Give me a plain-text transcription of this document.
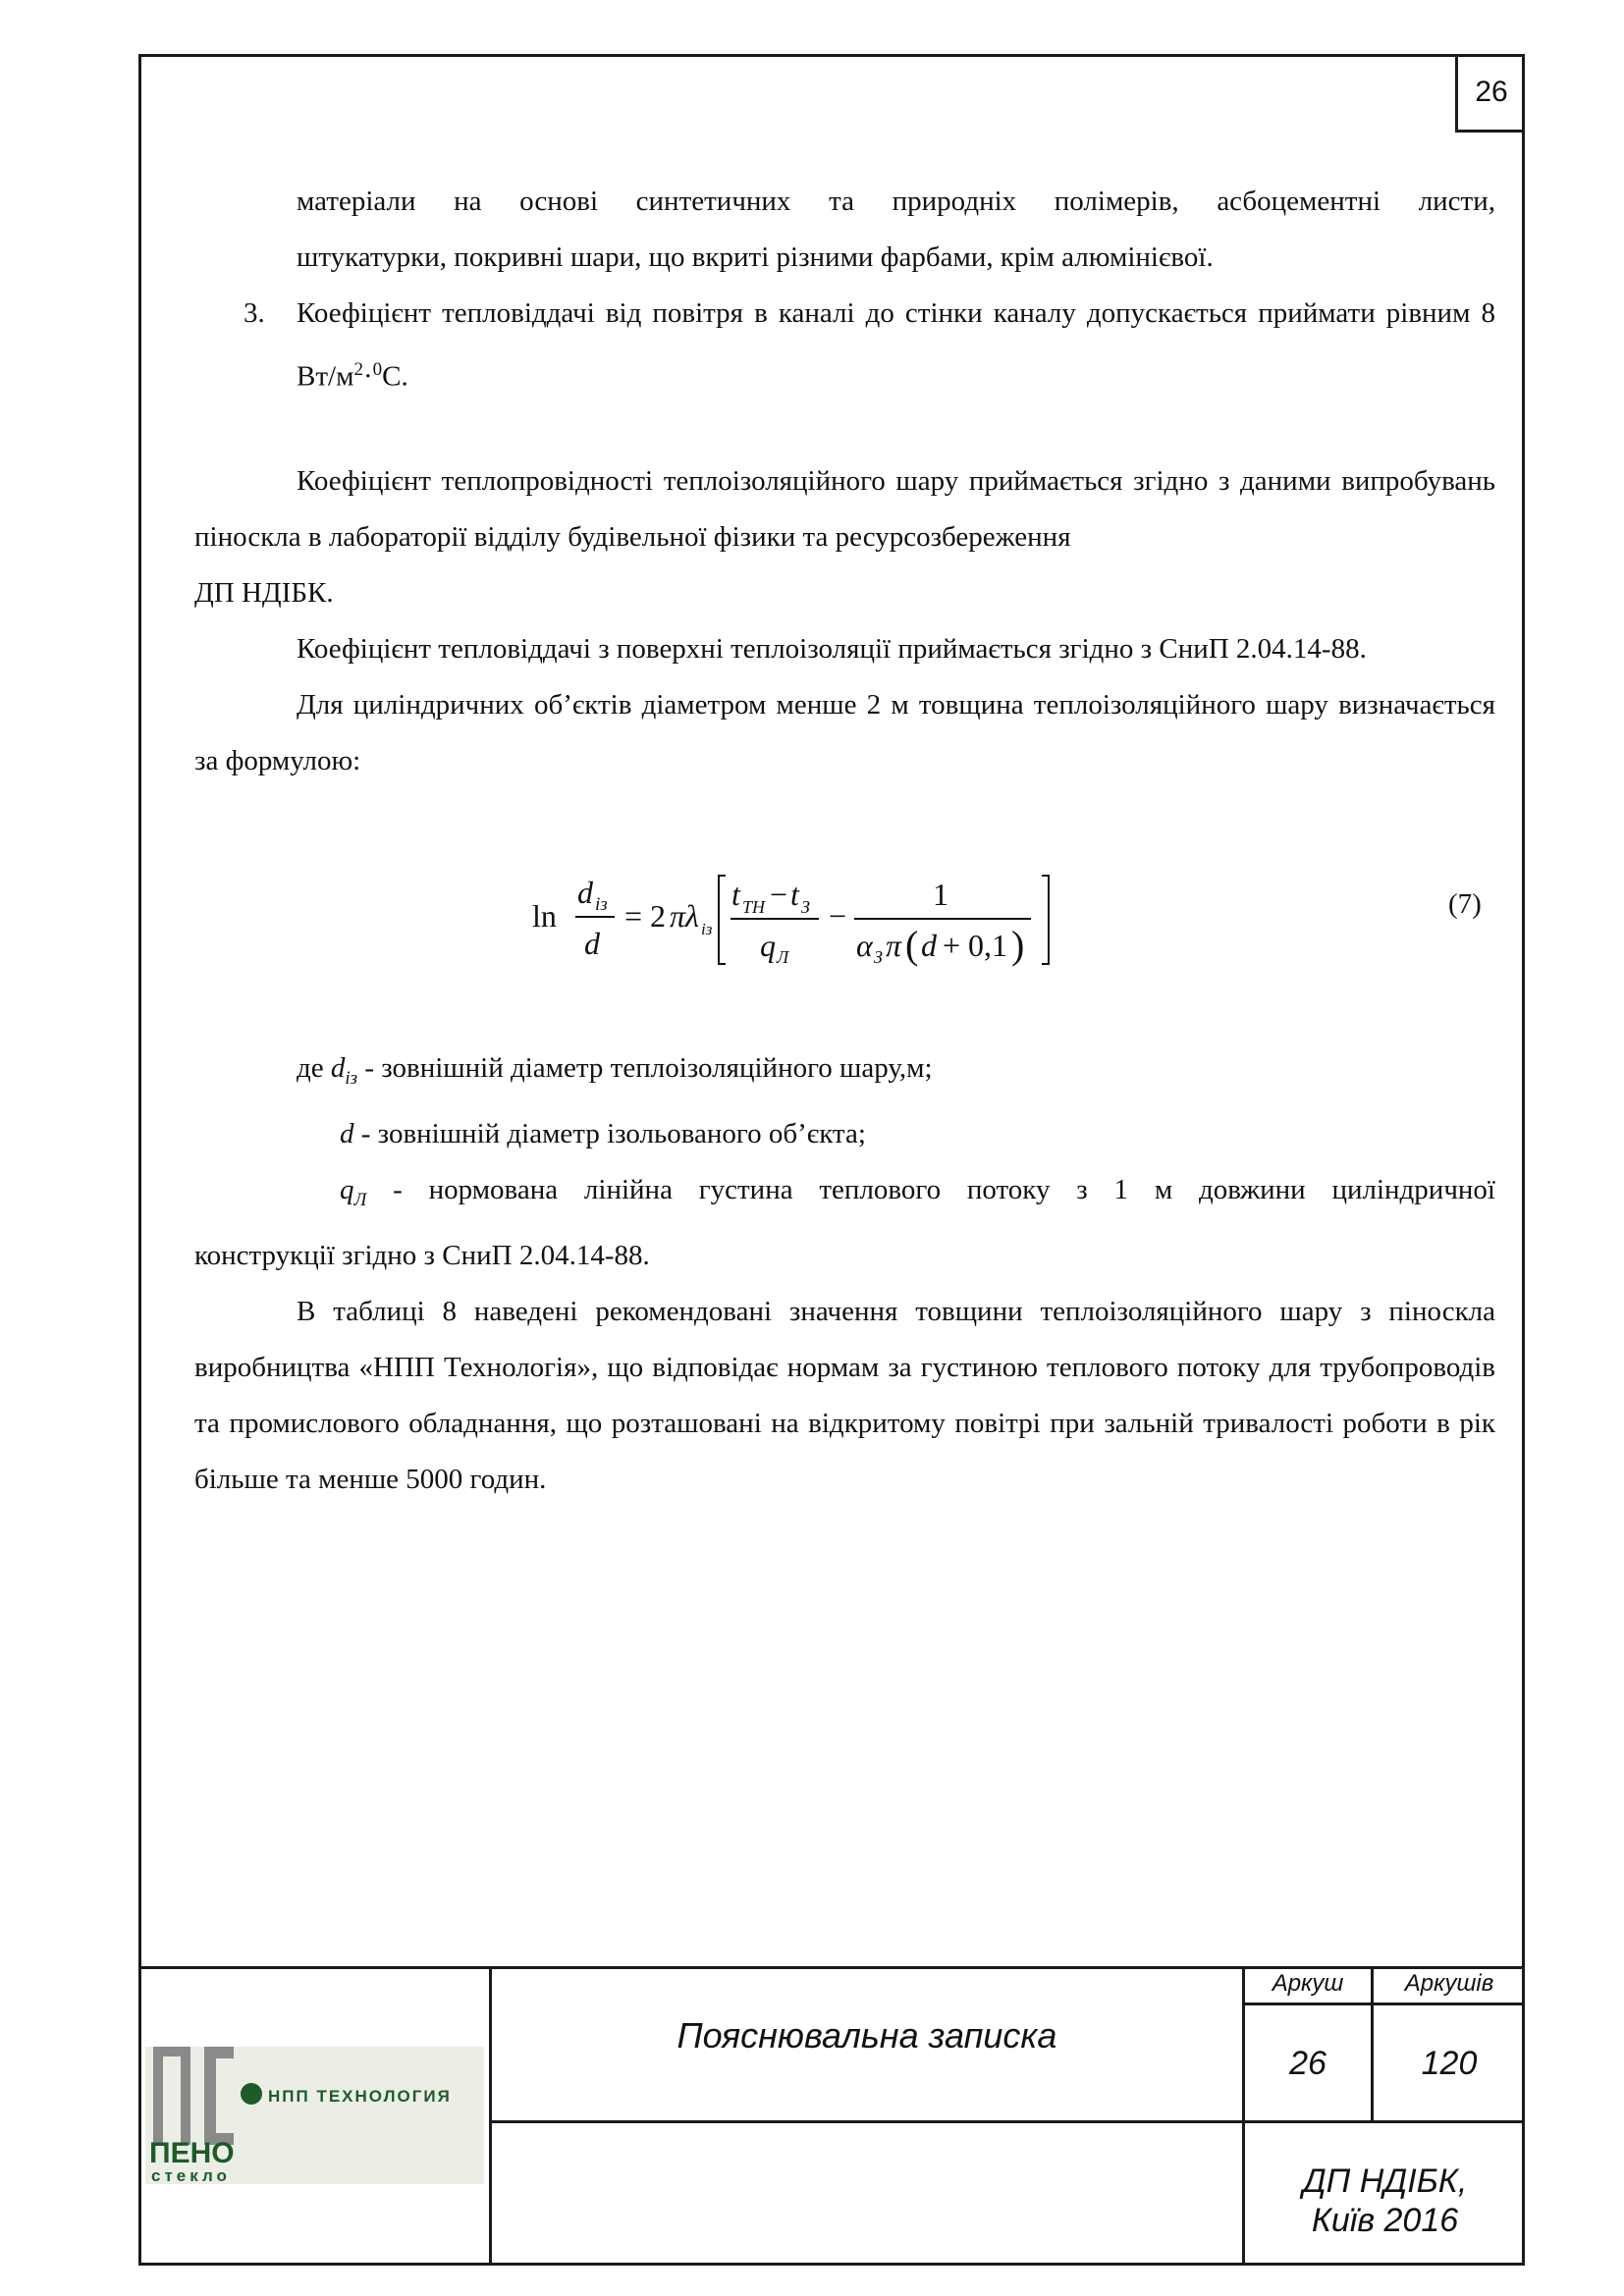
26

матеріали на основі синтетичних та природніх полімерів, асбоцементні листи,

штукатурки, покривні шари, що вкриті різними фарбами, крім алюмінієвої.

3. Коефіцієнт тепловіддачі від повітря в каналі до стінки каналу допускається приймати рівним 8 $Вт/м^2\cdot^0С$.

Коефіцієнт теплопровідності теплоізоляційного шару приймається згідно з даними випробувань піноскла в лабораторії відділу будівельної фізики та ресурсозбереження

ДП НДІБК.

Коефіцієнт тепловіддачі з поверхні теплоізоляції приймається згідно з СниП 2.04.14-88.

Для циліндричних об’єктів діаметром менше 2 м товщина теплоізоляційного шару визначається за формулою:

ln
d із
d
= 2 πλ із
t ТН − t З
q Л
−
1
α З π ( d + 0,1 )
(7)

де $d_{із}$ - зовнішній діаметр теплоізоляційного шару,м;

d - зовнішній діаметр ізольованого об’єкта;

$q_Л$ - нормована лінійна густина теплового потоку з 1 м довжини циліндричної

конструкції згідно з СниП 2.04.14-88.

В таблиці 8 наведені рекомендовані значення товщини теплоізоляційного шару з піноскла виробництва «НПП Технологія», що відповідає нормам за густиною теплового потоку для трубопроводів та промислового обладнання, що розташовані на відкритому повітрі при зальній тривалості роботи в рік більше та менше 5000 годин.

Пояснювальна записка
Аркуш	Аркушів
26	120
ДП НДІБК,
Київ 2016
НПП ТЕХНОЛОГИЯ
ПЕНО
стекло
